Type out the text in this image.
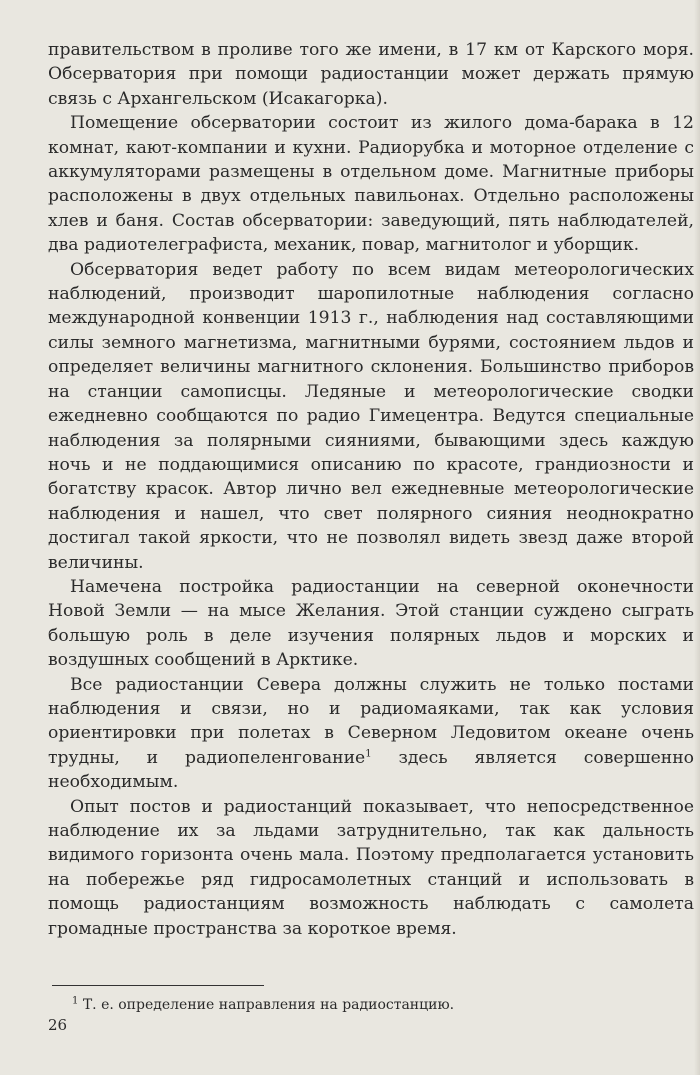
правительством в проливе того же имени, в 17 км от Карского моря. Обсерватория при помощи радиостанции может держать прямую связь с Архангельском (Исакагорка).

Помещение обсерватории состоит из жилого дома-барака в 12 комнат, кают-компании и кухни. Радиорубка и моторное отделение с аккумуляторами размещены в отдельном доме. Магнитные приборы расположены в двух отдельных павильонах. Отдельно расположены хлев и баня. Состав обсерватории: заведующий, пять наблюдателей, два радиотелеграфиста, механик, повар, магнитолог и уборщик.

Обсерватория ведет работу по всем видам метеорологических наблюдений, производит шаропилотные наблюдения согласно международной конвенции 1913 г., наблюдения над составляющими силы земного магнетизма, магнитными бурями, состоянием льдов и определяет величины магнитного склонения. Большинство приборов на станции самописцы. Ледяные и метеорологические сводки ежедневно сообщаются по радио Гимецентра. Ведутся специальные наблюдения за полярными сияниями, бывающими здесь каждую ночь и не поддающимися описанию по красоте, грандиозности и богатству красок. Автор лично вел ежедневные метеорологические наблюдения и нашел, что свет полярного сияния неоднократно достигал такой яркости, что не позволял видеть звезд даже второй величины.

Намечена постройка радиостанции на северной оконечности Новой Земли — на мысе Желания. Этой станции суждено сыграть большую роль в деле изучения полярных льдов и морских и воздушных сообщений в Арктике.

Все радиостанции Севера должны служить не только постами наблюдения и связи, но и радиомаяками, так как условия ориентировки при полетах в Северном Ледовитом океане очень трудны, и радиопеленгование$^1$ здесь является совершенно необходимым.

Опыт постов и радиостанций показывает, что непосредственное наблюдение их за льдами затруднительно, так как дальность видимого горизонта очень мала. Поэтому предполагается установить на побережье ряд гидросамолетных станций и использовать в помощь радиостанциям возможность наблюдать с самолета громадные пространства за короткое время.

$^1$ Т. е. определение направления на радиостанцию.
26
